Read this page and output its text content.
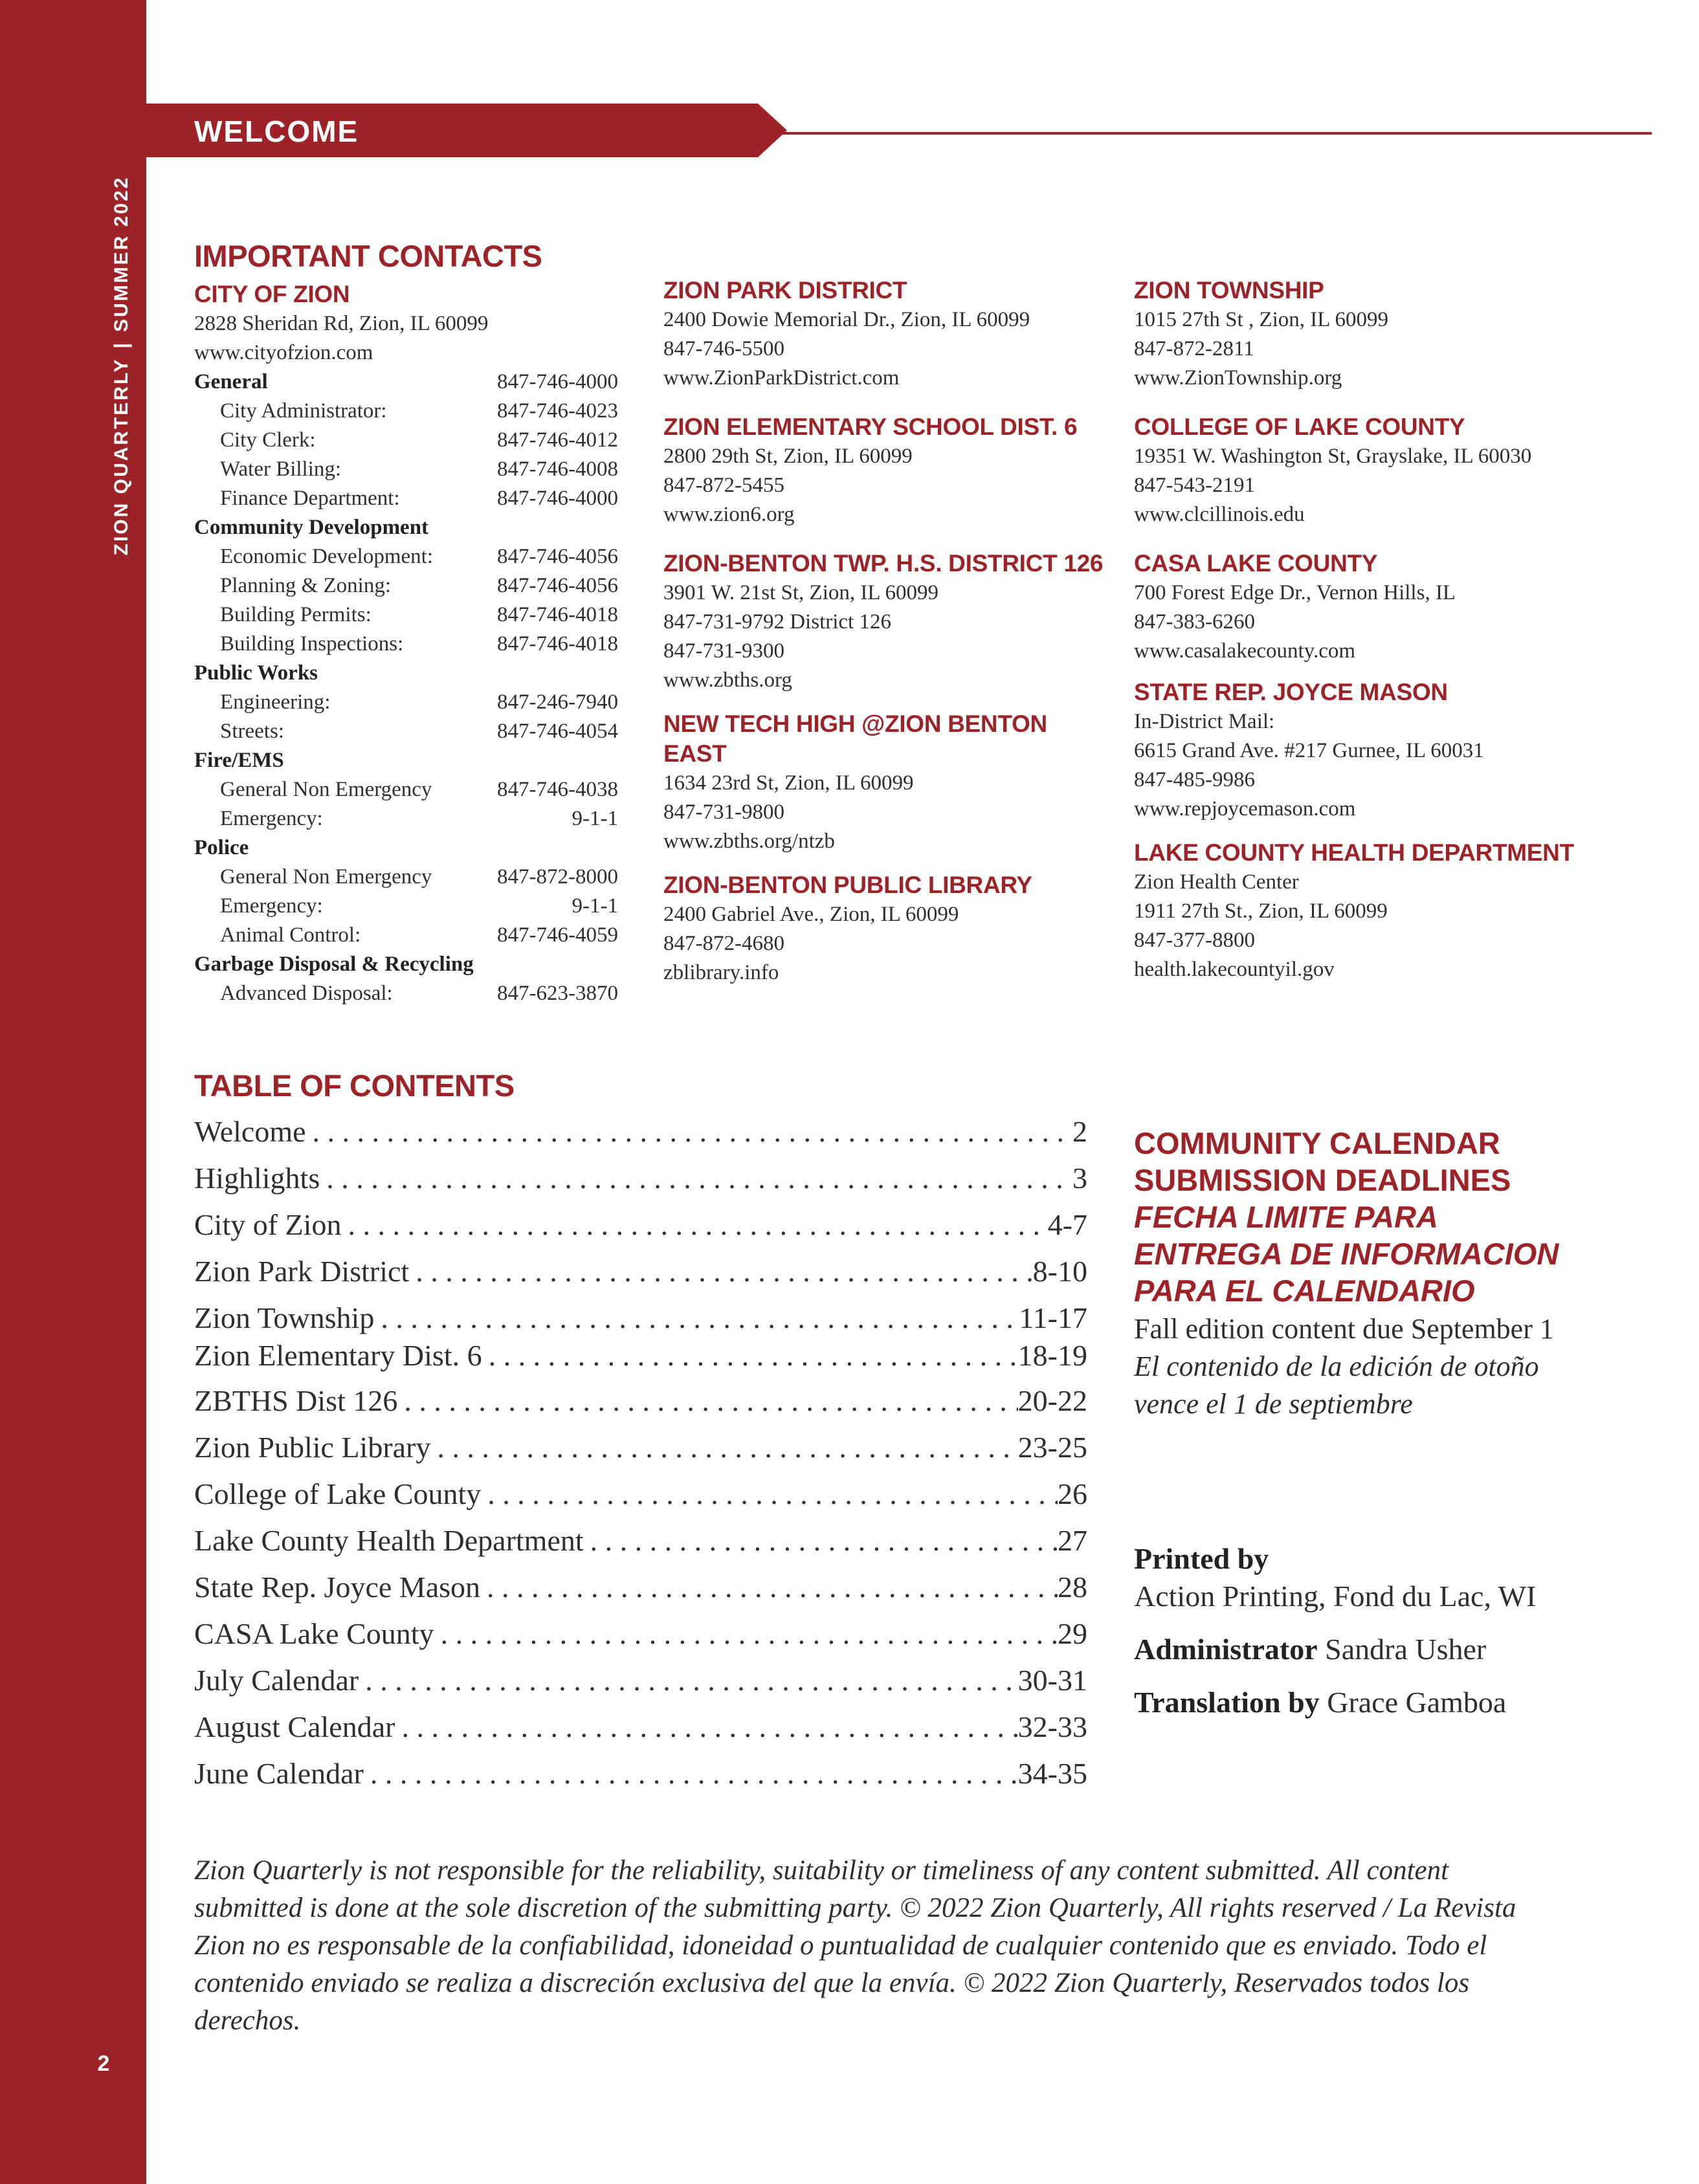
ZION QUARTERLY
|
SUMMER 2022
2
WELCOME
IMPORTANT CONTACTS
CITY OF ZION
2828 Sheridan Rd, Zion, IL 60099
www.cityofzion.com
General	847-746-4000
City Administrator:	847-746-4023
City Clerk:	847-746-4012
Water Billing:	847-746-4008
Finance Department:	847-746-4000
Community Development
Economic Development:	847-746-4056
Planning & Zoning:	847-746-4056
Building Permits:	847-746-4018
Building Inspections:	847-746-4018
Public Works
Engineering:	847-246-7940
Streets:	847-746-4054
Fire/EMS
General Non Emergency	847-746-4038
Emergency:	9-1-1
Police
General Non Emergency	847-872-8000
Emergency:	9-1-1
Animal Control:	847-746-4059
Garbage Disposal & Recycling
Advanced Disposal:	847-623-3870
ZION PARK DISTRICT
2400 Dowie Memorial Dr., Zion, IL 60099
847-746-5500
www.ZionParkDistrict.com
ZION ELEMENTARY SCHOOL DIST. 6
2800 29th St, Zion, IL 60099
847-872-5455
www.zion6.org
ZION-BENTON TWP. H.S. DISTRICT 126
3901 W. 21st St, Zion, IL 60099
847-731-9792 District 126
847-731-9300
www.zbths.org
NEW TECH HIGH @ZION BENTON EAST
1634 23rd St, Zion, IL 60099
847-731-9800
www.zbths.org/ntzb
ZION-BENTON PUBLIC LIBRARY
2400 Gabriel Ave., Zion, IL 60099
847-872-4680
zblibrary.info
ZION TOWNSHIP
1015 27th St , Zion, IL 60099
847-872-2811
www.ZionTownship.org
COLLEGE OF LAKE COUNTY
19351 W. Washington St, Grayslake, IL 60030
847-543-2191
www.clcillinois.edu
CASA LAKE COUNTY
700 Forest Edge Dr., Vernon Hills, IL
847-383-6260
www.casalakecounty.com
STATE REP. JOYCE MASON
In-District Mail:
6615 Grand Ave. #217 Gurnee, IL 60031
847-485-9986
www.repjoycemason.com
LAKE COUNTY HEALTH DEPARTMENT
Zion Health Center
1911 27th St., Zion, IL 60099
847-377-8800
health.lakecountyil.gov
TABLE OF CONTENTS
Welcome . . .	2
Highlights . . .	3
City of Zion . . .	4-7
Zion Park District . . .	8-10
Zion Township . . .	11-17
Zion Elementary Dist. 6 . . .	18-19
ZBTHS Dist 126 . . .	20-22
Zion Public Library . . .	23-25
College of Lake County . . .	26
Lake County Health Department . . .	27
State Rep. Joyce Mason . . .	28
CASA Lake County . . .	29
July Calendar . . .	30-31
August Calendar . . .	32-33
June Calendar . . .	34-35
COMMUNITY CALENDAR
SUBMISSION DEADLINES
FECHA LIMITE PARA
ENTREGA DE INFORMACION
PARA EL CALENDARIO
Fall edition content due September 1
El contenido de la edición de otoño
vence el 1 de septiembre
Printed by
Action Printing, Fond du Lac, WI
Administrator Sandra Usher
Translation by Grace Gamboa
Zion Quarterly is not responsible for the reliability, suitability or timeliness of any content submitted. All content submitted is done at the sole discretion of the submitting party. © 2022 Zion Quarterly, All rights reserved / La Revista Zion no es responsable de la confiabilidad, idoneidad o puntualidad de cualquier contenido que es enviado. Todo el contenido enviado se realiza a discreción exclusiva del que la envía. © 2022 Zion Quarterly, Reservados todos los derechos.
